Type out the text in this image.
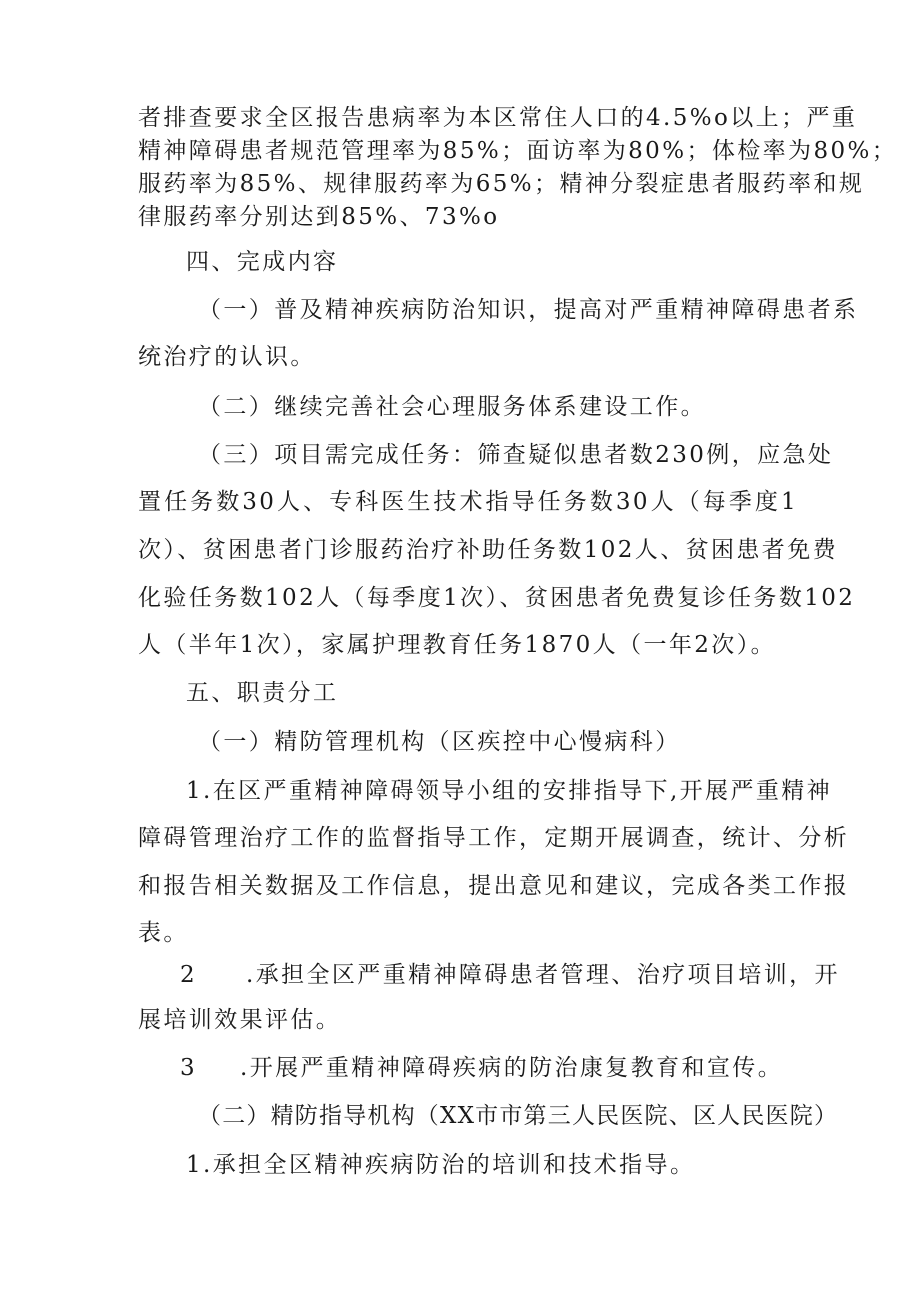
者排查要求全区报告患病率为本区常住人口的4.5%o以上；严重
精神障碍患者规范管理率为85%；面访率为80%；体检率为80%；
服药率为85%、规律服药率为65%；精神分裂症患者服药率和规
律服药率分别达到85%、73%o
四、完成内容
（一）普及精神疾病防治知识，提高对严重精神障碍患者系
统治疗的认识。
（二）继续完善社会心理服务体系建设工作。
（三）项目需完成任务：筛查疑似患者数230例，应急处
置任务数30人、专科医生技术指导任务数30人（每季度1
次）、贫困患者门诊服药治疗补助任务数102人、贫困患者免费
化验任务数102人（每季度1次）、贫困患者免费复诊任务数102
人（半年1次），家属护理教育任务1870人（一年2次）。
五、职责分工
（一）精防管理机构（区疾控中心慢病科）
1.在区严重精神障碍领导小组的安排指导下,开展严重精神
障碍管理治疗工作的监督指导工作，定期开展调查，统计、分析
和报告相关数据及工作信息，提出意见和建议，完成各类工作报
表。
2	.承担全区严重精神障碍患者管理、治疗项目培训，开
展培训效果评估。
3	.开展严重精神障碍疾病的防治康复教育和宣传。
（二）精防指导机构（XX市市第三人民医院、区人民医院）
1.承担全区精神疾病防治的培训和技术指导。
